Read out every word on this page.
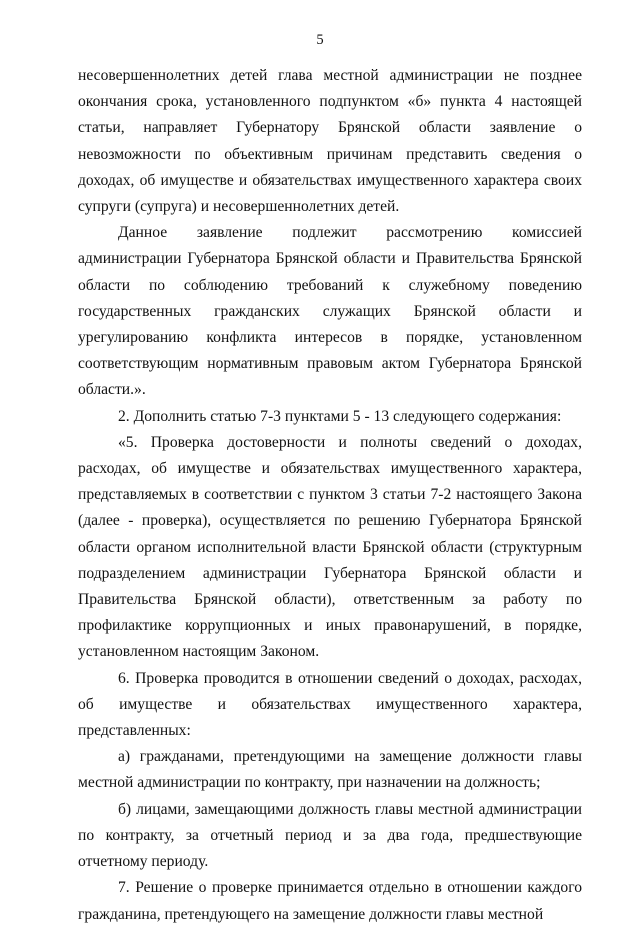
5

несовершеннолетних детей глава местной администрации не позднее окончания срока, установленного подпунктом «б» пункта 4 настоящей статьи, направляет Губернатору Брянской области заявление о невозможности по объективным причинам представить сведения о доходах, об имуществе и обязательствах имущественного характера своих супруги (супруга) и несовершеннолетних детей.

Данное заявление подлежит рассмотрению комиссией администрации Губернатора Брянской области и Правительства Брянской области по соблюдению требований к служебному поведению государственных гражданских служащих Брянской области и урегулированию конфликта интересов в порядке, установленном соответствующим нормативным правовым актом Губернатора Брянской области.».

2. Дополнить статью 7-3 пунктами 5 - 13 следующего содержания:

«5. Проверка достоверности и полноты сведений о доходах, расходах, об имуществе и обязательствах имущественного характера, представляемых в соответствии с пунктом 3 статьи 7-2 настоящего Закона (далее - проверка), осуществляется по решению Губернатора Брянской области органом исполнительной власти Брянской области (структурным подразделением администрации Губернатора Брянской области и Правительства Брянской области), ответственным за работу по профилактике коррупционных и иных правонарушений, в порядке, установленном настоящим Законом.

6. Проверка проводится в отношении сведений о доходах, расходах, об имуществе и обязательствах имущественного характера, представленных:

а) гражданами, претендующими на замещение должности главы местной администрации по контракту, при назначении на должность;

б) лицами, замещающими должность главы местной администрации по контракту, за отчетный период и за два года, предшествующие отчетному периоду.

7. Решение о проверке принимается отдельно в отношении каждого гражданина, претендующего на замещение должности главы местной
